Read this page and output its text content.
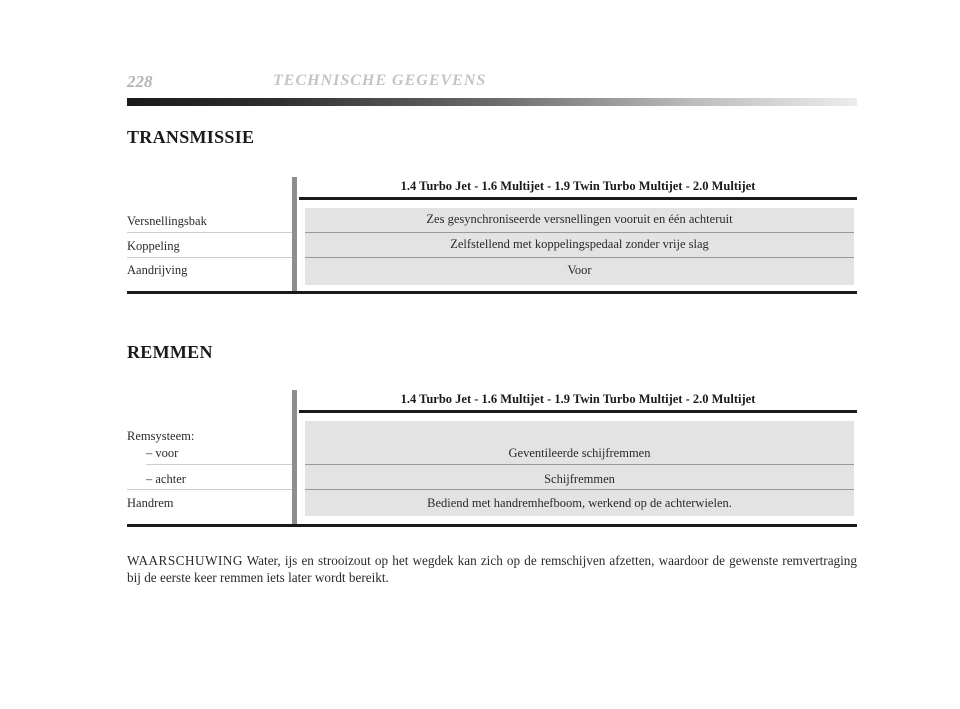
228	TECHNISCHE GEGEVENS
TRANSMISSIE
1.4 Turbo Jet - 1.6 Multijet - 1.9 Twin Turbo Multijet - 2.0 Multijet
Versnellingsbak	Zes gesynchroniseerde versnellingen vooruit en één achteruit
Koppeling	Zelfstellend met koppelingspedaal zonder vrije slag
Aandrijving	Voor
REMMEN
1.4 Turbo Jet - 1.6 Multijet - 1.9 Twin Turbo Multijet - 2.0 Multijet
Remsysteem:
– voor	Geventileerde schijfremmen
– achter	Schijfremmen
Handrem	Bediend met handremhefboom, werkend op de achterwielen.
WAARSCHUWING Water, ijs en strooizout op het wegdek kan zich op de remschijven afzetten, waardoor de gewenste remvertraging bij de eerste keer remmen iets later wordt bereikt.
